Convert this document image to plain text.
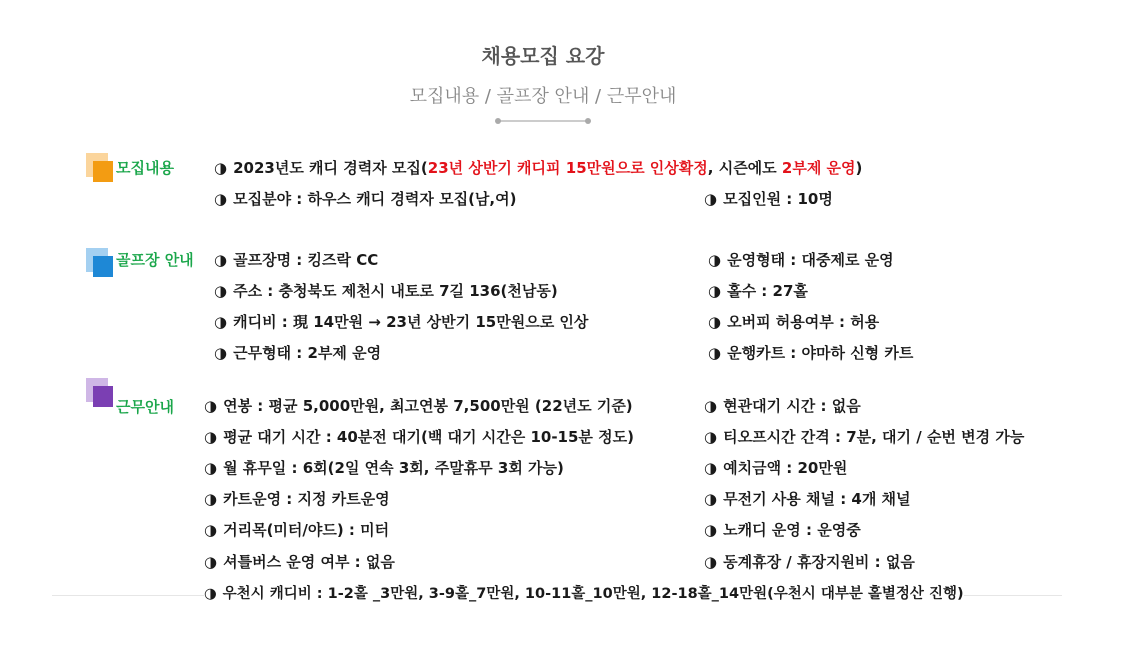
채용모집 요강
모집내용 / 골프장 안내 / 근무안내
모집내용	◑ 2023년도 캐디 경력자 모집(23년 상반기 캐디피 15만원으로 인상확정, 시즌에도 2부제 운영)
◑ 모집분야 : 하우스 캐디 경력자 모집(남,여)	◑ 모집인원 : 10명
골프장 안내 ◑ 골프장명 : 킹즈락 CC
◑ 주소 : 충청북도 제천시 내토로 7길 136(천남동)
◑ 캐디비 : 現 14만원 → 23년 상반기 15만원으로 인상
◑ 근무형태 : 2부제 운영
◑ 운영형태 : 대중제로 운영
◑ 홀수 : 27홀
◑ 오버피 허용여부 : 허용
◑ 운행카트 : 야마하 신형 카트
근무안내 ◑ 연봉 : 평균 5,000만원, 최고연봉 7,500만원 (22년도 기준)
◑ 평균 대기 시간 : 40분전 대기(백 대기 시간은 10-15분 정도)
◑ 월 휴무일 : 6회(2일 연속 3회, 주말휴무 3회 가능)
◑ 카트운영 : 지정 카트운영
◑ 거리목(미터/야드) : 미터
◑ 셔틀버스 운영 여부 : 없음
◑ 현관대기 시간 : 없음
◑ 티오프시간 간격 : 7분, 대기 / 순번 변경 가능
◑ 예치금액 : 20만원
◑ 무전기 사용 채널 : 4개 채널
◑ 노캐디 운영 : 운영중
◑ 동계휴장 / 휴장지원비 : 없음
◑ 우천시 캐디비 : 1-2홀 _3만원, 3-9홀_7만원, 10-11홀_10만원, 12-18홀_14만원(우천시 대부분 홀별정산 진행)
